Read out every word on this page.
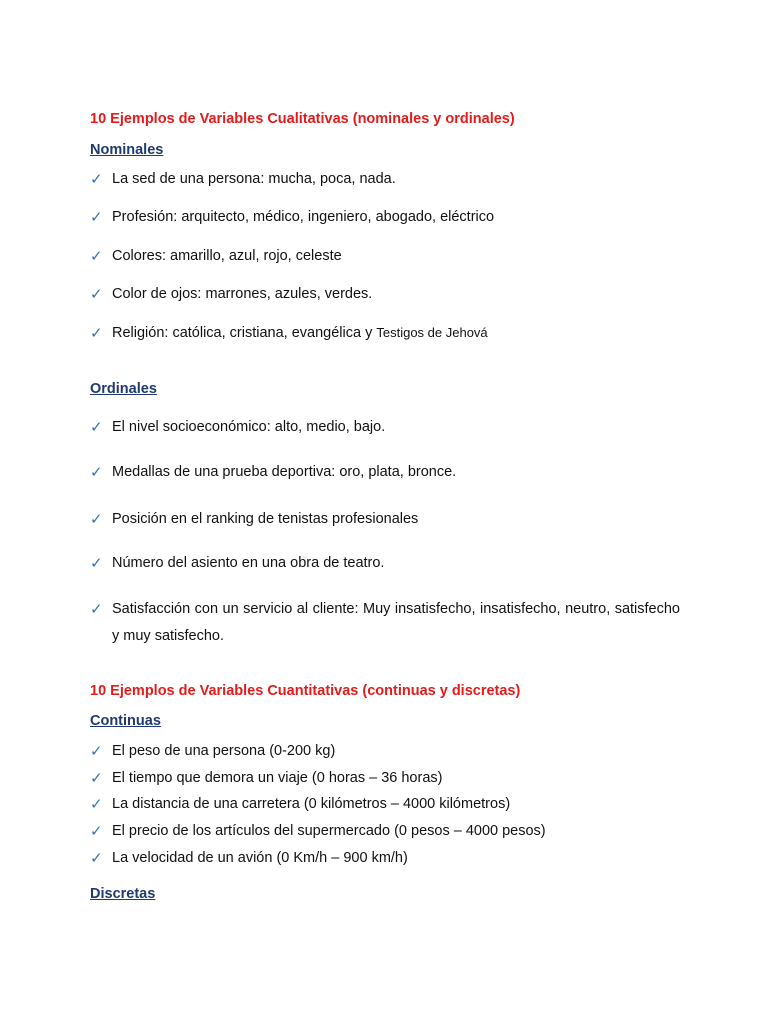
10 Ejemplos de Variables Cualitativas (nominales y ordinales)
Nominales
✓ La sed de una persona: mucha, poca, nada.
✓ Profesión: arquitecto, médico, ingeniero, abogado, eléctrico
✓ Colores: amarillo, azul, rojo, celeste
✓ Color de ojos: marrones, azules, verdes.
✓ Religión: católica, cristiana, evangélica y Testigos de Jehová
Ordinales
✓ El nivel socioeconómico: alto, medio, bajo.
✓ Medallas de una prueba deportiva: oro, plata, bronce.
✓ Posición en el ranking de tenistas profesionales
✓ Número del asiento en una obra de teatro.
✓ Satisfacción con un servicio al cliente: Muy insatisfecho, insatisfecho, neutro, satisfecho y muy satisfecho.
10 Ejemplos de Variables Cuantitativas (continuas y discretas)
Continuas
✓ El peso de una persona (0-200 kg)
✓ El tiempo que demora un viaje (0 horas – 36 horas)
✓ La distancia de una carretera (0 kilómetros – 4000 kilómetros)
✓ El precio de los artículos del supermercado (0 pesos – 4000 pesos)
✓ La velocidad de un avión (0 Km/h – 900 km/h)
Discretas
